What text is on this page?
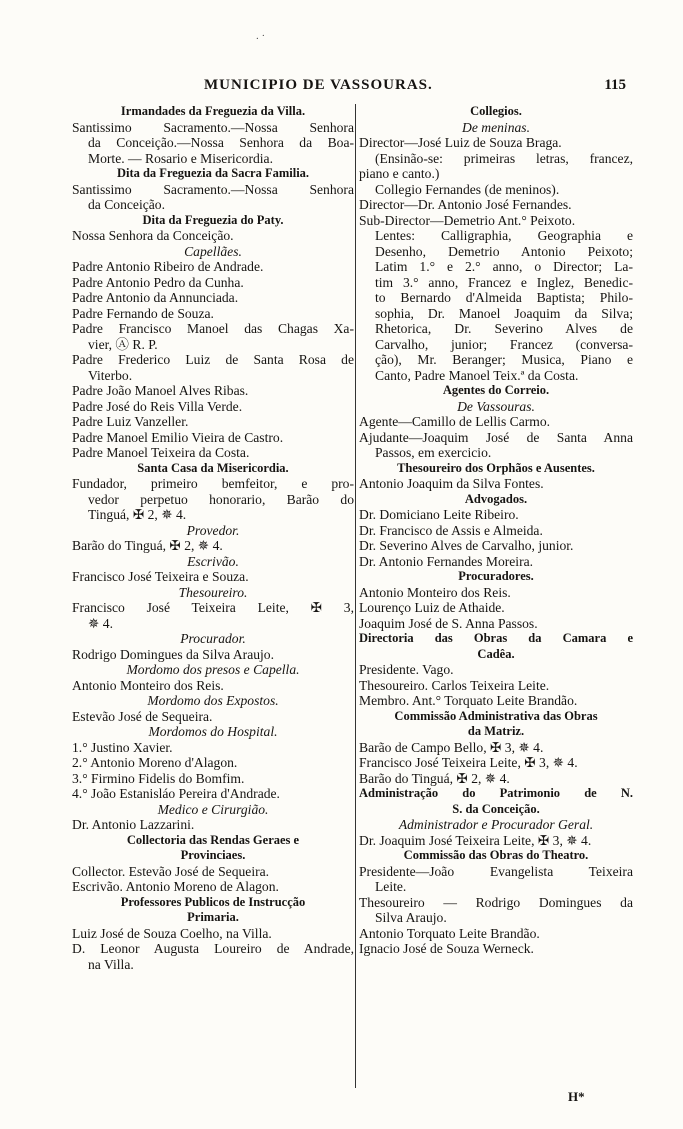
. ·
MUNICIPIO DE VASSOURAS.	115
Irmandades da Freguezia da Villa.
Santissimo Sacramento.—Nossa Senhora
da Conceição.—Nossa Senhora da Boa-
Morte. — Rosario e Misericordia.
Dita da Freguezia da Sacra Familia.
Santissimo Sacramento.—Nossa Senhora
da Conceição.
Dita da Freguezia do Paty.
Nossa Senhora da Conceição.
Capellães.
Padre Antonio Ribeiro de Andrade.
Padre Antonio Pedro da Cunha.
Padre Antonio da Annunciada.
Padre Fernando de Souza.
Padre Francisco Manoel das Chagas Xa-
vier, Ⓐ R. P.
Padre Frederico Luiz de Santa Rosa de
Viterbo.
Padre João Manoel Alves Ribas.
Padre José do Reis Villa Verde.
Padre Luiz Vanzeller.
Padre Manoel Emilio Vieira de Castro.
Padre Manoel Teixeira da Costa.
Santa Casa da Misericordia.
Fundador, primeiro bemfeitor, e pro-
vedor perpetuo honorario, Barão do
Tinguá, ✠ 2, ✵ 4.
Provedor.
Barão do Tinguá, ✠ 2, ✵ 4.
Escrivão.
Francisco José Teixeira e Souza.
Thesoureiro.
Francisco José Teixeira Leite, ✠ 3,
✵ 4.
Procurador.
Rodrigo Domingues da Silva Araujo.
Mordomo dos presos e Capella.
Antonio Monteiro dos Reis.
Mordomo dos Expostos.
Estevão José de Sequeira.
Mordomos do Hospital.
1.° Justino Xavier.
2.° Antonio Moreno d'Alagon.
3.° Firmino Fidelis do Bomfim.
4.° João Estanisláo Pereira d'Andrade.
Medico e Cirurgião.
Dr. Antonio Lazzarini.
Collectoria das Rendas Geraes e
Provinciaes.
Collector. Estevão José de Sequeira.
Escrivão. Antonio Moreno de Alagon.
Professores Publicos de Instrucção
Primaria.
Luiz José de Souza Coelho, na Villa.
D. Leonor Augusta Loureiro de Andrade,
na Villa.
Collegios.
De meninas.
Director—José Luiz de Souza Braga.
(Ensinão-se: primeiras letras, francez,
piano e canto.)
Collegio Fernandes (de meninos).
Director—Dr. Antonio José Fernandes.
Sub-Director—Demetrio Ant.° Peixoto.
Lentes: Calligraphia, Geographia e
Desenho, Demetrio Antonio Peixoto;
Latim 1.° e 2.° anno, o Director; La-
tim 3.° anno, Francez e Inglez, Benedic-
to Bernardo d'Almeida Baptista; Philo-
sophia, Dr. Manoel Joaquim da Silva;
Rhetorica, Dr. Severino Alves de
Carvalho, junior; Francez (conversa-
ção), Mr. Beranger; Musica, Piano e
Canto, Padre Manoel Teix.ª da Costa.
Agentes do Correio.
De Vassouras.
Agente—Camillo de Lellis Carmo.
Ajudante—Joaquim José de Santa Anna
Passos, em exercicio.
Thesoureiro dos Orphãos e Ausentes.
Antonio Joaquim da Silva Fontes.
Advogados.
Dr. Domiciano Leite Ribeiro.
Dr. Francisco de Assis e Almeida.
Dr. Severino Alves de Carvalho, junior.
Dr. Antonio Fernandes Moreira.
Procuradores.
Antonio Monteiro dos Reis.
Lourenço Luiz de Athaide.
Joaquim José de S. Anna Passos.
Directoria das Obras da Camara e
Cadêa.
Presidente. Vago.
Thesoureiro. Carlos Teixeira Leite.
Membro. Ant.° Torquato Leite Brandão.
Commissão Administrativa das Obras
da Matriz.
Barão de Campo Bello, ✠ 3, ✵ 4.
Francisco José Teixeira Leite, ✠ 3, ✵ 4.
Barão do Tinguá, ✠ 2, ✵ 4.
Administração do Patrimonio de N.
S. da Conceição.
Administrador e Procurador Geral.
Dr. Joaquim José Teixeira Leite, ✠ 3, ✵ 4.
Commissão das Obras do Theatro.
Presidente—João Evangelista Teixeira
Leite.
Thesoureiro — Rodrigo Domingues da
Silva Araujo.
Antonio Torquato Leite Brandão.
Ignacio José de Souza Werneck.
H*
